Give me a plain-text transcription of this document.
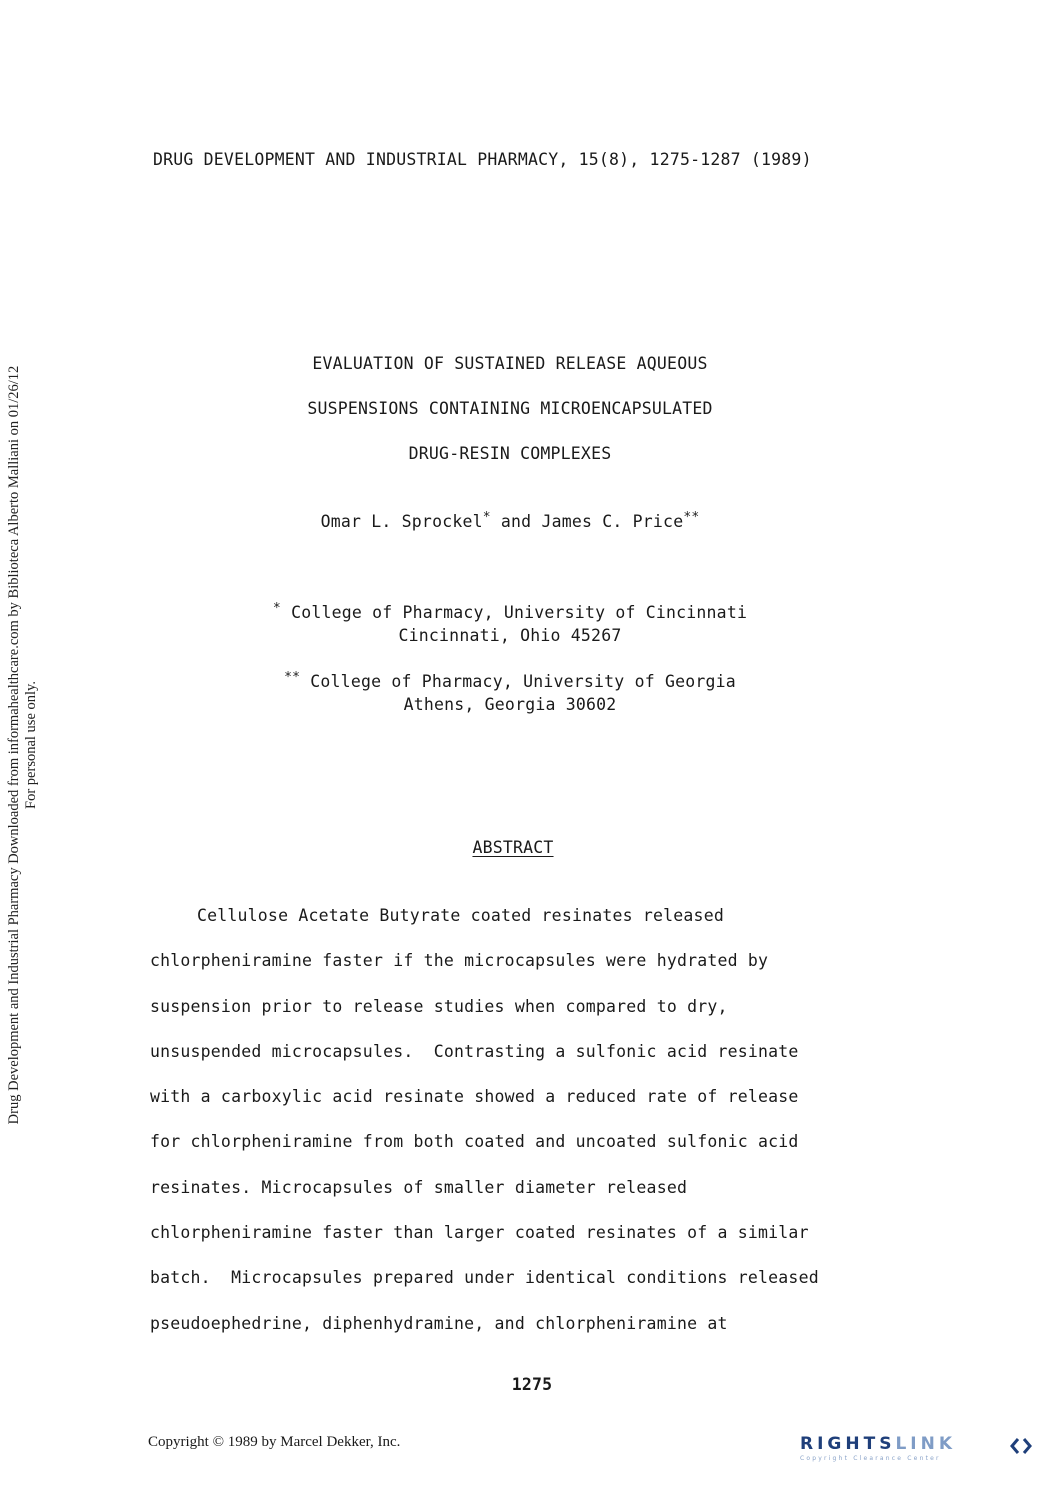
Drug Development and Industrial Pharmacy Downloaded from informahealthcare.com by Biblioteca Alberto Malliani on 01/26/12 For personal use only.
DRUG DEVELOPMENT AND INDUSTRIAL PHARMACY, 15(8), 1275-1287 (1989)
EVALUATION OF SUSTAINED RELEASE AQUEOUS
SUSPENSIONS CONTAINING MICROENCAPSULATED
DRUG-RESIN COMPLEXES
Omar L. Sprockel* and James C. Price**
* College of Pharmacy, University of Cincinnati
Cincinnati, Ohio 45267
** College of Pharmacy, University of Georgia
Athens, Georgia 30602
ABSTRACT
Cellulose Acetate Butyrate coated resinates released
chlorpheniramine faster if the microcapsules were hydrated by
suspension prior to release studies when compared to dry,
unsuspended microcapsules.  Contrasting a sulfonic acid resinate
with a carboxylic acid resinate showed a reduced rate of release
for chlorpheniramine from both coated and uncoated sulfonic acid
resinates. Microcapsules of smaller diameter released
chlorpheniramine faster than larger coated resinates of a similar
batch.  Microcapsules prepared under identical conditions released
pseudoephedrine, diphenhydramine, and chlorpheniramine at
1275
Copyright © 1989 by Marcel Dekker, Inc.	RIGHTSLINK
Copyright Clearance Center
